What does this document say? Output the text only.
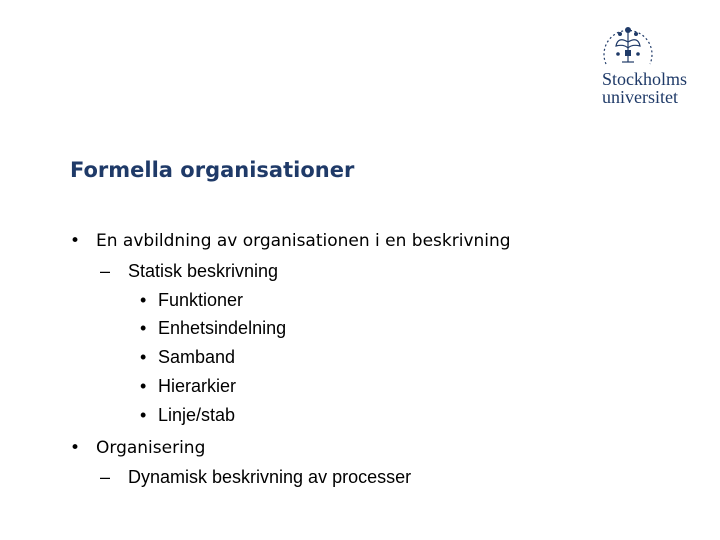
Stockholms
universitet
Formella organisationer
• En avbildning av organisationen i en beskrivning
– Statisk beskrivning
• Funktioner
• Enhetsindelning
• Samband
• Hierarkier
• Linje/stab
• Organisering
– Dynamisk beskrivning av processer
